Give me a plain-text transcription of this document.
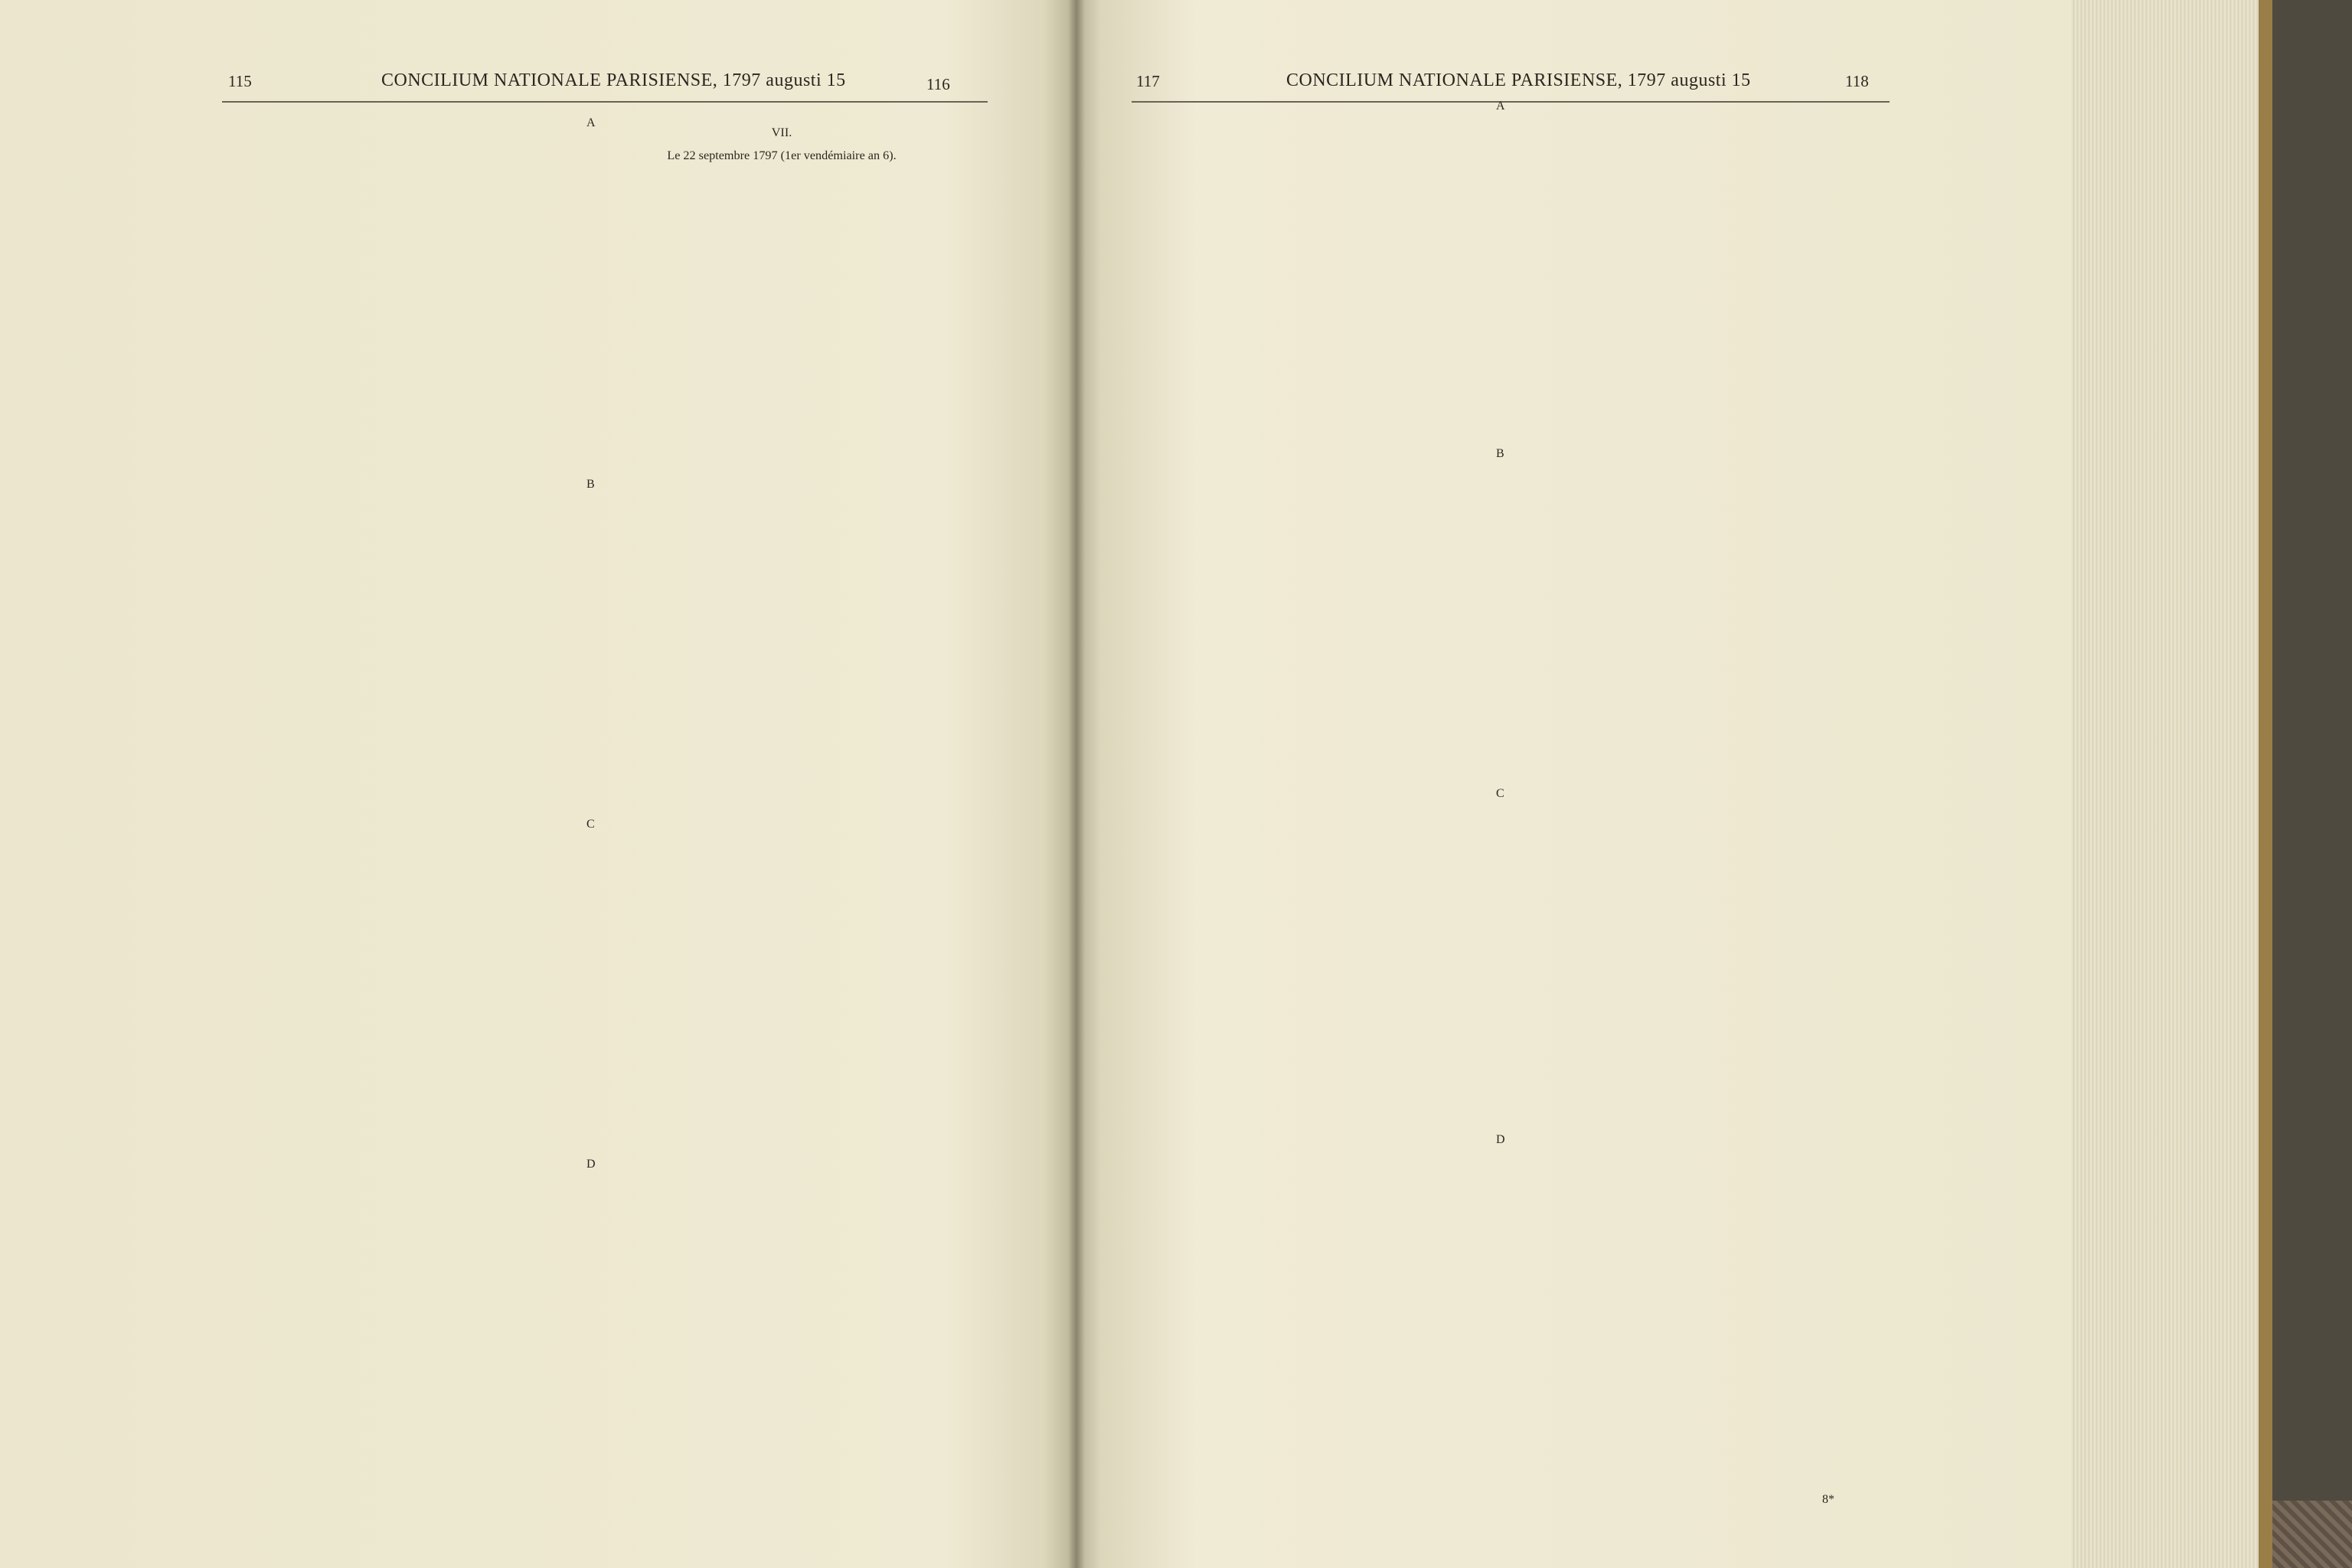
115	CONCILIUM NATIONALE PARISIENSE, 1797 augusti 15	116

A
B
C
D

VII.

Le 22 septembre 1797 (1er vendémiaire an 6).

117	CONCILIUM NATIONALE PARISIENSE, 1797 augusti 15	118

A
B
C
D

8*
